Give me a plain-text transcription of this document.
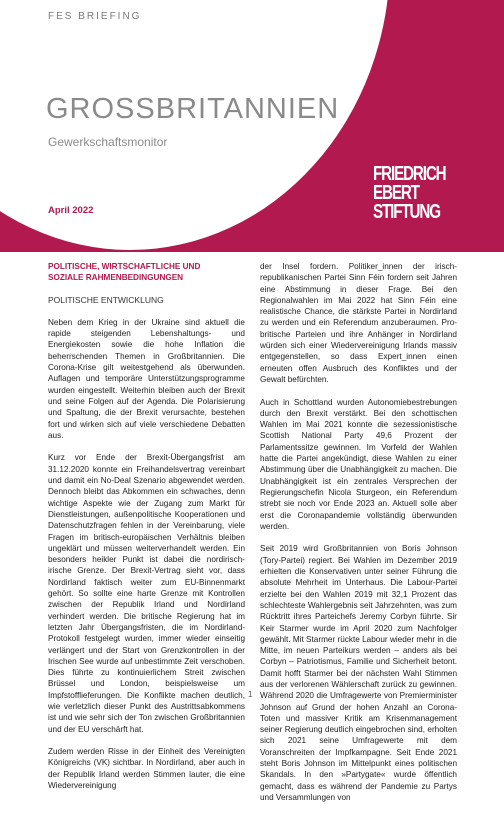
FES BRIEFING
GROSSBRITANNIEN
Gewerkschaftsmonitor
April 2022
FRIEDRICH
EBERT
STIFTUNG
POLITISCHE, WIRTSCHAFTLICHE UND
SOZIALE RAHMENBEDINGUNGEN
POLITISCHE ENTWICKLUNG

Neben dem Krieg in der Ukraine sind aktuell die rapide steigenden Lebenshaltungs- und Energiekosten sowie die hohe Inflation die beherrschenden Themen in Großbritannien. Die Corona-Krise gilt weitestgehend als überwunden. Auflagen und temporäre Unterstützungsprogramme wurden eingestellt. Weiterhin bleiben auch der Brexit und seine Folgen auf der Agenda. Die Polarisierung und Spaltung, die der Brexit verursachte, bestehen fort und wirken sich auf viele verschiedene Debatten aus.

Kurz vor Ende der Brexit-Übergangsfrist am 31.12.2020 konnte ein Freihandelsvertrag vereinbart und damit ein No-Deal Szenario abgewendet werden. Dennoch bleibt das Abkommen ein schwaches, denn wichtige Aspekte wie der Zugang zum Markt für Dienstleistungen, außenpolitische Kooperationen und Datenschutzfragen fehlen in der Vereinbarung, viele Fragen im britisch-europäischen Verhältnis bleiben ungeklärt und müssen weiterverhandelt werden. Ein besonders heikler Punkt ist dabei die nordirisch-irische Grenze. Der Brexit-Vertrag sieht vor, dass Nordirland faktisch weiter zum EU-Binnenmarkt gehört. So sollte eine harte Grenze mit Kontrollen zwischen der Republik Irland und Nordirland verhindert werden. Die britische Regierung hat im letzten Jahr Übergangsfristen, die im Nordirland-Protokoll festgelegt wurden, immer wieder einseitig verlängert und der Start von Grenzkontrollen in der Irischen See wurde auf unbestimmte Zeit verschoben. Dies führte zu kontinuierlichem Streit zwischen Brüssel und London, beispielsweise um Impfstofflieferungen. Die Konflikte machen deutlich, wie verletzlich dieser Punkt des Austrittsabkommens ist und wie sehr sich der Ton zwischen Großbritannien und der EU verschärft hat.

Zudem werden Risse in der Einheit des Vereinigten Königreichs (VK) sichtbar. In Nordirland, aber auch in der Republik Irland werden Stimmen lauter, die eine Wiedervereinigung

der Insel fordern. Politiker_innen der irisch-republikanischen Partei Sinn Féin fordern seit Jahren eine Abstimmung in dieser Frage. Bei den Regionalwahlen im Mai 2022 hat Sinn Féin eine realistische Chance, die stärkste Partei in Nordirland zu werden und ein Referendum anzuberaumen. Pro-britische Parteien und ihre Anhänger in Nordirland würden sich einer Wiedervereinigung Irlands massiv entgegenstellen, so dass Expert_innen einen erneuten offen Ausbruch des Konfliktes und der Gewalt befürchten.

Auch in Schottland wurden Autonomiebestrebungen durch den Brexit verstärkt. Bei den schottischen Wahlen im Mai 2021 konnte die sezessionistische Scottish National Party 49,6 Prozent der Parlamentssitze gewinnen. Im Vorfeld der Wahlen hatte die Partei angekündigt, diese Wahlen zu einer Abstimmung über die Unabhängigkeit zu machen. Die Unabhängigkeit ist ein zentrales Versprechen der Regierungschefin Nicola Sturgeon, ein Referendum strebt sie noch vor Ende 2023 an. Aktuell solle aber erst die Coronapandemie vollständig überwunden werden.

Seit 2019 wird Großbritannien von Boris Johnson (Tory-Partei) regiert. Bei Wahlen im Dezember 2019 erhielten die Konservativen unter seiner Führung die absolute Mehrheit im Unterhaus. Die Labour-Partei erzielte bei den Wahlen 2019 mit 32,1 Prozent das schlechteste Wahlergebnis seit Jahrzehnten, was zum Rücktritt ihres Parteichefs Jeremy Corbyn führte. Sir Keir Starmer wurde im April 2020 zum Nachfolger gewählt. Mit Starmer rückte Labour wieder mehr in die Mitte, im neuen Parteikurs werden – anders als bei Corbyn – Patriotismus, Familie und Sicherheit betont. Damit hofft Starmer bei der nächsten Wahl Stimmen aus der verlorenen Wählerschaft zurück zu gewinnen. Während 2020 die Umfragewerte von Premierminister Johnson auf Grund der hohen Anzahl an Corona-Toten und massiver Kritik am Krisenmanagement seiner Regierung deutlich eingebrochen sind, erholten sich 2021 seine Umfragewerte mit dem Voranschreiten der Impfkampagne. Seit Ende 2021 steht Boris Johnson im Mittelpunkt eines politischen Skandals. In den »Partygate« wurde öffentlich gemacht, dass es während der Pandemie zu Partys und Versammlungen von

1
